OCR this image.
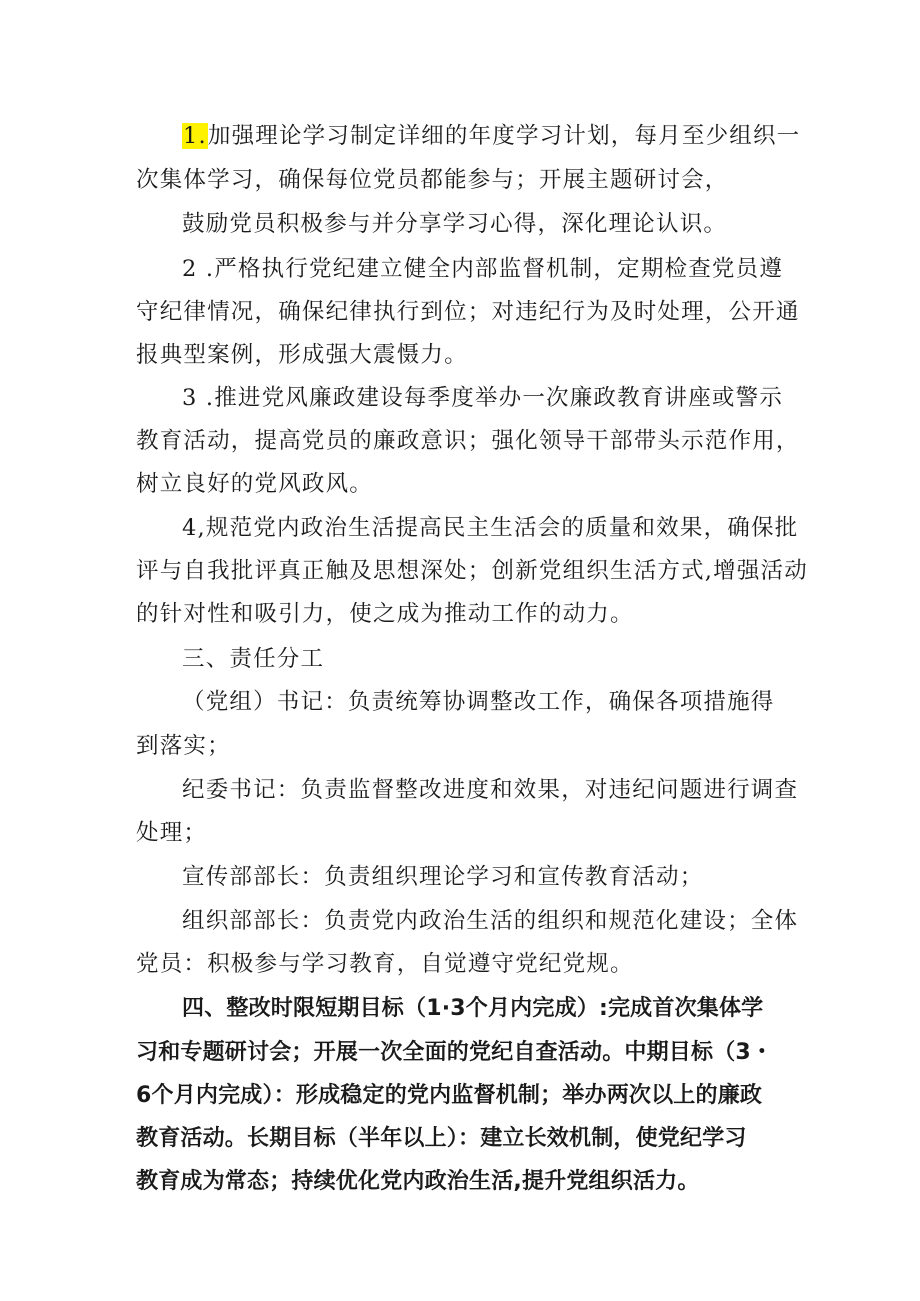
1.加强理论学习制定详细的年度学习计划，每月至少组织一
次集体学习，确保每位党员都能参与；开展主题研讨会，
鼓励党员积极参与并分享学习心得，深化理论认识。
2 .严格执行党纪建立健全内部监督机制，定期检查党员遵
守纪律情况，确保纪律执行到位；对违纪行为及时处理，公开通
报典型案例，形成强大震慑力。
3 .推进党风廉政建设每季度举办一次廉政教育讲座或警示
教育活动，提高党员的廉政意识；强化领导干部带头示范作用，
树立良好的党风政风。
4,规范党内政治生活提高民主生活会的质量和效果，确保批
评与自我批评真正触及思想深处；创新党组织生活方式,增强活动
的针对性和吸引力，使之成为推动工作的动力。
三、责任分工
（党组）书记：负责统筹协调整改工作，确保各项措施得
到落实；
纪委书记：负责监督整改进度和效果，对违纪问题进行调查
处理；
宣传部部长：负责组织理论学习和宣传教育活动；
组织部部长：负责党内政治生活的组织和规范化建设；全体
党员：积极参与学习教育，自觉遵守党纪党规。
四、整改时限短期目标（1·3个月内完成）:完成首次集体学
习和专题研讨会；开展一次全面的党纪自查活动。中期目标（3・
6个月内完成）：形成稳定的党内监督机制；举办两次以上的廉政
教育活动。长期目标（半年以上）：建立长效机制，使党纪学习
教育成为常态；持续优化党内政治生活,提升党组织活力。
